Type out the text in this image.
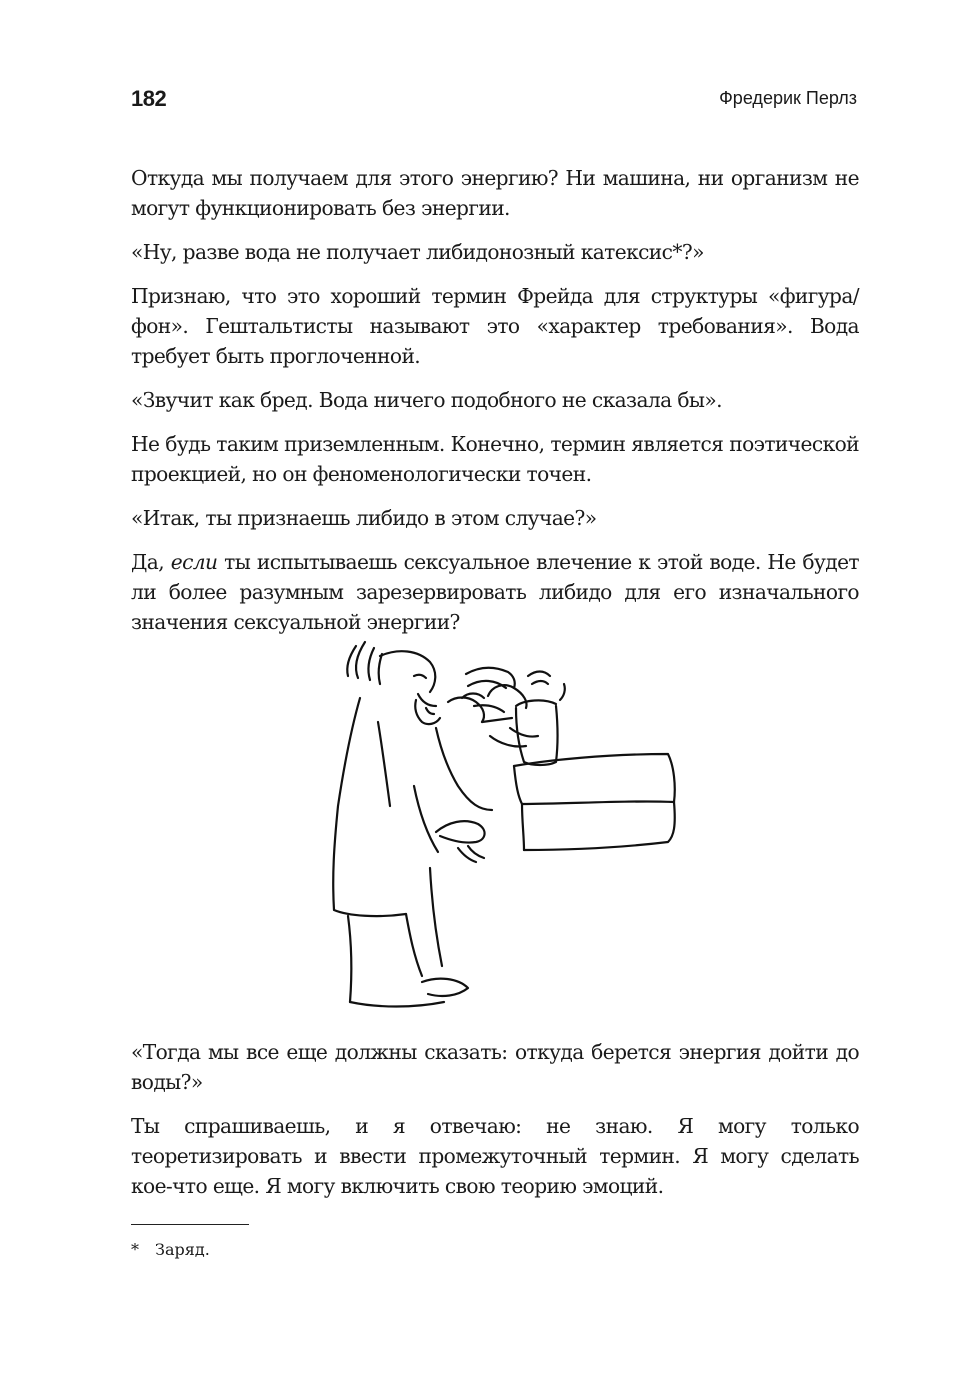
182	Фредерик Перлз

Откуда мы получаем для этого энергию? Ни машина, ни организм не могут функционировать без энергии.

«Ну, разве вода не получает либидонозный катексис*?»

Признаю, что это хороший термин Фрейда для структуры «фигура/фон». Гештальтисты называют это «характер требования». Вода требует быть проглоченной.

«Звучит как бред. Вода ничего подобного не сказала бы».

Не будь таким приземленным. Конечно, термин является поэтической проекцией, но он феноменологически точен.

«Итак, ты признаешь либидо в этом случае?»

Да, если ты испытываешь сексуальное влечение к этой воде. Не будет ли более разумным зарезервировать либидо для его изначального значения сексуальной энергии?

«Тогда мы все еще должны сказать: откуда берется энергия дойти до воды?»

Ты спрашиваешь, и я отвечаю: не знаю. Я могу только теоретизировать и ввести промежуточный термин. Я могу сделать кое-что еще. Я могу включить свою теорию эмоций.

* Заряд.
